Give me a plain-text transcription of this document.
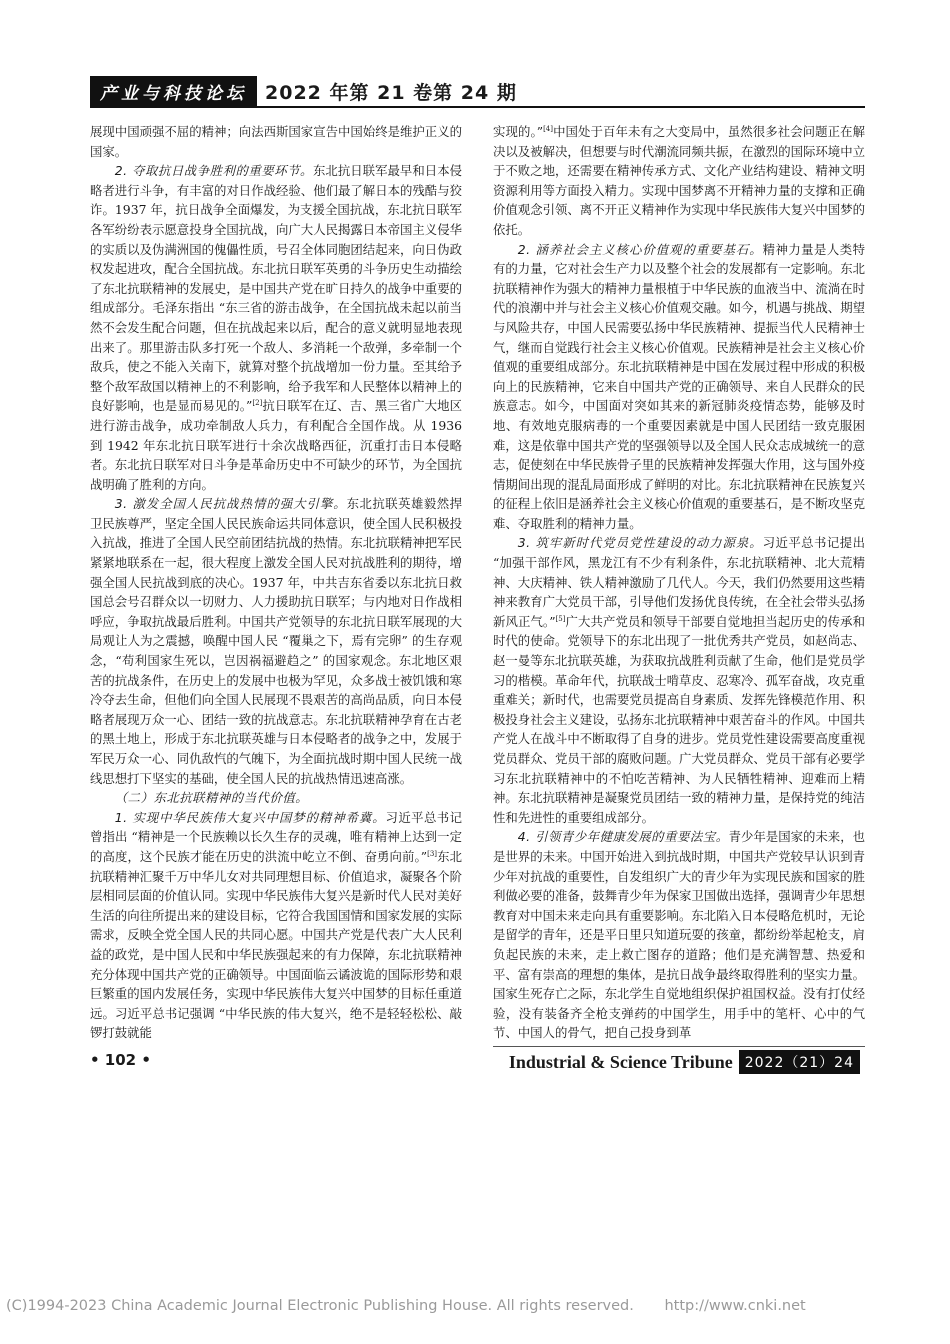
产业与科技论坛 2022 年第 21 卷第 24 期

展现中国顽强不屈的精神；向法西斯国家宣告中国始终是维护正义的国家。

2. 夺取抗日战争胜利的重要环节。东北抗日联军最早和日本侵略者进行斗争，有丰富的对日作战经验、他们最了解日本的残酷与狡诈。1937 年，抗日战争全面爆发，为支援全国抗战，东北抗日联军各军纷纷表示愿意投身全国抗战，向广大人民揭露日本帝国主义侵华的实质以及伪满洲国的傀儡性质，号召全体同胞团结起来，向日伪政权发起进攻，配合全国抗战。东北抗日联军英勇的斗争历史生动描绘了东北抗联精神的发展史，是中国共产党在旷日持久的战争中重要的组成部分。毛泽东指出 “东三省的游击战争，在全国抗战未起以前当然不会发生配合问题，但在抗战起来以后，配合的意义就明显地表现出来了。那里游击队多打死一个敌人、多消耗一个敌弹，多牵制一个敌兵，使之不能入关南下，就算对整个抗战增加一份力量。至其给予整个敌军敌国以精神上的不利影响，给予我军和人民整体以精神上的良好影响，也是显而易见的。”[2]抗日联军在辽、吉、黑三省广大地区进行游击战争，成功牵制敌人兵力，有利配合全国作战。从 1936 到 1942 年东北抗日联军进行十余次战略西征，沉重打击日本侵略者。东北抗日联军对日斗争是革命历史中不可缺少的环节，为全国抗战明确了胜利的方向。

3. 激发全国人民抗战热情的强大引擎。东北抗联英雄毅然捍卫民族尊严，坚定全国人民民族命运共同体意识，使全国人民积极投入抗战，推进了全国人民空前团结抗战的热情。东北抗联精神把军民紧紧地联系在一起，很大程度上激发全国人民对抗战胜利的期待，增强全国人民抗战到底的决心。1937 年，中共吉东省委以东北抗日救国总会号召群众以一切财力、人力援助抗日联军；与内地对日作战相呼应，争取抗战最后胜利。中国共产党领导的东北抗日联军展现的大局观让人为之震撼，唤醒中国人民 “覆巢之下，焉有完卵” 的生存观念，“苟利国家生死以，岂因祸福避趋之” 的国家观念。东北地区艰苦的抗战条件，在历史上的发展中也极为罕见，众多战士被饥饿和寒冷夺去生命，但他们向全国人民展现不畏艰苦的高尚品质，向日本侵略者展现万众一心、团结一致的抗战意志。东北抗联精神孕育在古老的黑土地上，形成于东北抗联英雄与日本侵略者的战争之中，发展于军民万众一心、同仇敌忾的气魄下，为全面抗战时期中国人民统一战线思想打下坚实的基础，使全国人民的抗战热情迅速高涨。

（二）东北抗联精神的当代价值。

1. 实现中华民族伟大复兴中国梦的精神希冀。习近平总书记曾指出 “精神是一个民族赖以长久生存的灵魂，唯有精神上达到一定的高度，这个民族才能在历史的洪流中屹立不倒、奋勇向前。”[3]东北抗联精神汇聚千万中华儿女对共同理想目标、价值追求，凝聚各个阶层相同层面的价值认同。实现中华民族伟大复兴是新时代人民对美好生活的向往所提出来的建设目标，它符合我国国情和国家发展的实际需求，反映全党全国人民的共同心愿。中国共产党是代表广大人民利益的政党，是中国人民和中华民族强起来的有力保障，东北抗联精神充分体现中国共产党的正确领导。中国面临云谲波诡的国际形势和艰巨繁重的国内发展任务，实现中华民族伟大复兴中国梦的目标任重道远。习近平总书记强调 “中华民族的伟大复兴，绝不是轻轻松松、敲锣打鼓就能

实现的。”[4]中国处于百年未有之大变局中，虽然很多社会问题正在解决以及被解决，但想要与时代潮流同频共振，在激烈的国际环境中立于不败之地，还需要在精神传承方式、文化产业结构建设、精神文明资源利用等方面投入精力。实现中国梦离不开精神力量的支撑和正确价值观念引领、离不开正义精神作为实现中华民族伟大复兴中国梦的依托。

2. 涵养社会主义核心价值观的重要基石。精神力量是人类特有的力量，它对社会生产力以及整个社会的发展都有一定影响。东北抗联精神作为强大的精神力量根植于中华民族的血液当中、流淌在时代的浪潮中并与社会主义核心价值观交融。如今，机遇与挑战、期望与风险共存，中国人民需要弘扬中华民族精神、提振当代人民精神士气，继而自觉践行社会主义核心价值观。民族精神是社会主义核心价值观的重要组成部分。东北抗联精神是中国在发展过程中形成的积极向上的民族精神，它来自中国共产党的正确领导、来自人民群众的民族意志。如今，中国面对突如其来的新冠肺炎疫情态势，能够及时地、有效地克服病毒的一个重要因素就是中国人民团结一致克服困难，这是依靠中国共产党的坚强领导以及全国人民众志成城统一的意志，促使刻在中华民族骨子里的民族精神发挥强大作用，这与国外疫情期间出现的混乱局面形成了鲜明的对比。东北抗联精神在民族复兴的征程上依旧是涵养社会主义核心价值观的重要基石，是不断攻坚克难、夺取胜利的精神力量。

3. 筑牢新时代党员党性建设的动力源泉。习近平总书记提出 “加强干部作风，黑龙江有不少有利条件，东北抗联精神、北大荒精神、大庆精神、铁人精神激励了几代人。今天，我们仍然要用这些精神来教育广大党员干部，引导他们发扬优良传统，在全社会带头弘扬新风正气。”[5]广大共产党员和领导干部要自觉地担当起历史的传承和时代的使命。党领导下的东北出现了一批优秀共产党员，如赵尚志、赵一曼等东北抗联英雄，为获取抗战胜利贡献了生命，他们是党员学习的楷模。革命年代，抗联战士啃草皮、忍寒冷、孤军奋战，攻克重重难关；新时代，也需要党员提高自身素质、发挥先锋模范作用、积极投身社会主义建设，弘扬东北抗联精神中艰苦奋斗的作风。中国共产党人在战斗中不断取得了自身的进步。党员党性建设需要高度重视党员群众、党员干部的腐败问题。广大党员群众、党员干部有必要学习东北抗联精神中的不怕吃苦精神、为人民牺牲精神、迎难而上精神。东北抗联精神是凝聚党员团结一致的精神力量，是保持党的纯洁性和先进性的重要组成部分。

4. 引领青少年健康发展的重要法宝。青少年是国家的未来，也是世界的未来。中国开始进入到抗战时期，中国共产党较早认识到青少年对抗战的重要性，自发组织广大的青少年为实现民族和国家的胜利做必要的准备，鼓舞青少年为保家卫国做出选择，强调青少年思想教育对中国未来走向具有重要影响。东北陷入日本侵略危机时，无论是留学的青年，还是平日里只知道玩耍的孩童，都纷纷举起枪支，肩负起民族的未来，走上救亡图存的道路；他们是充满智慧、热爱和平、富有崇高的理想的集体，是抗日战争最终取得胜利的坚实力量。国家生死存亡之际，东北学生自觉地组织保护祖国权益。没有打仗经验，没有装备齐全枪支弹药的中国学生，用手中的笔杆、心中的气节、中国人的骨气，把自己投身到革

• 102 •	Industrial & Science Tribune 2022（21）24
(C)1994-2023 China Academic Journal Electronic Publishing House. All rights reserved. http://www.cnki.net
